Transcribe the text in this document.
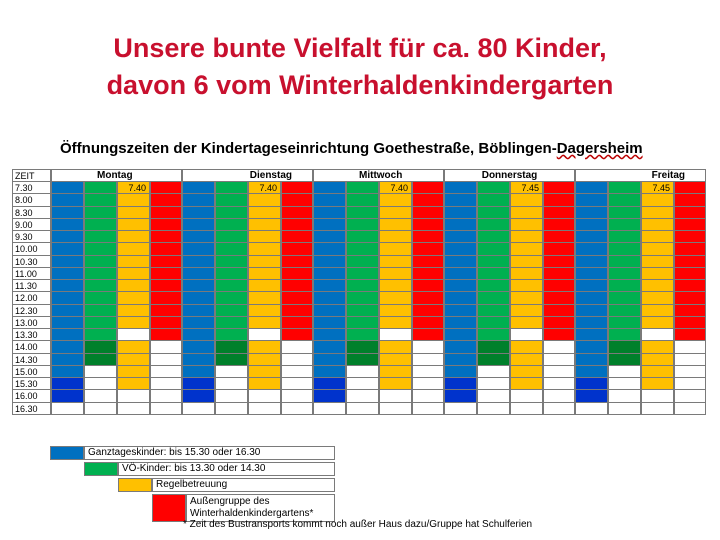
Unsere bunte Vielfalt für ca. 80 Kinder,
davon 6 vom Winterhaldenkindergarten
Öffnungszeiten der Kindertageseinrichtung Goethestraße, Böblingen-Dagersheim
ZEIT	Montag	Dienstag	Mittwoch	Donnerstag	Freitag
7.30	7.40	7.40	7.40	7.45	7.45
8.00
8.30
9.00
9.30
10.00
10.30
11.00
11.30
12.00
12.30
13.00
13.30
14.00
14.30
15.00
15.30
16.00
16.30
Ganztageskinder: bis 15.30 oder 16.30
VÖ-Kinder: bis 13.30 oder 14.30
Regelbetreuung
Außengruppe des
Winterhaldenkindergartens*
* Zeit des Bustransports kommt noch außer Haus dazu/Gruppe hat Schulferien
